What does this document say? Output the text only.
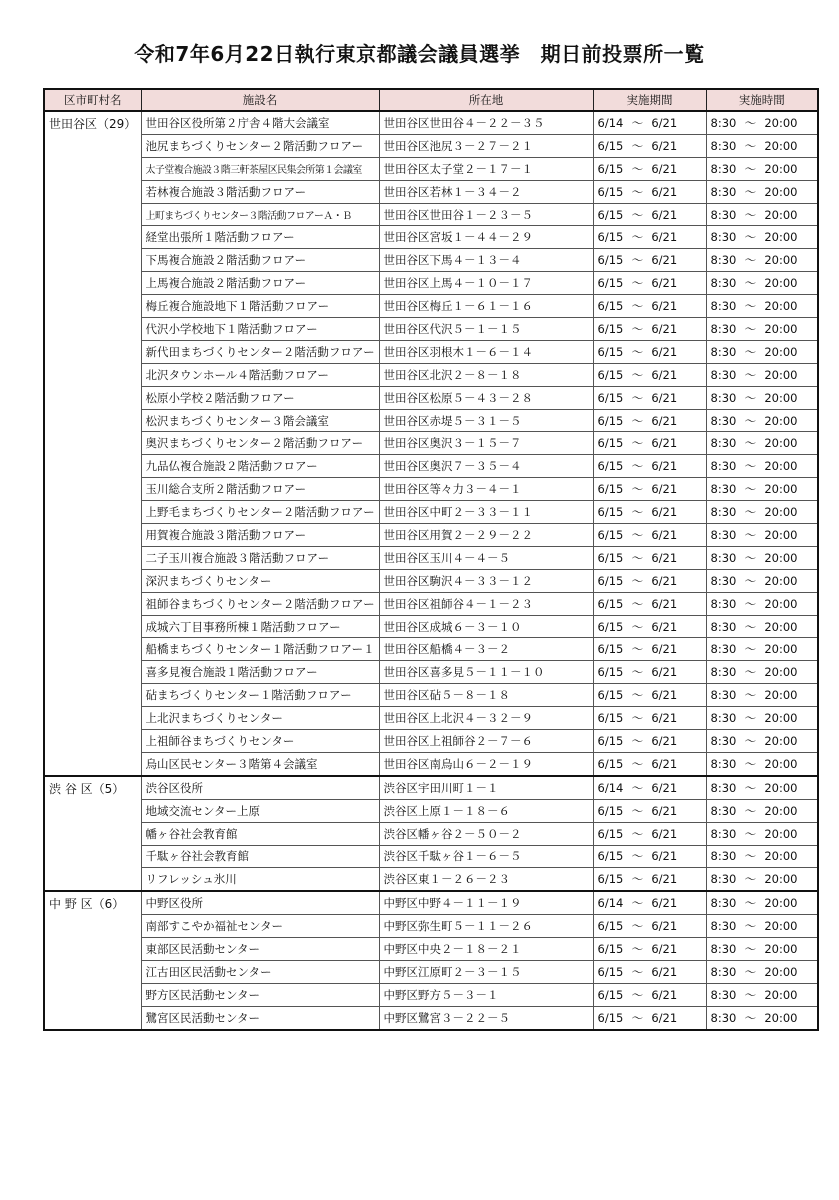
令和7年6月22日執行東京都議会議員選挙　期日前投票所一覧
区市町村名	施設名	所在地	実施期間	実施時間
世田谷区（29）	世田谷区役所第２庁舎４階大会議室	世田谷区世田谷４－２２－３５	6/14 ～ 6/21	8:30 ～ 20:00
	池尻まちづくりセンター２階活動フロアー	世田谷区池尻３－２７－２１	6/15 ～ 6/21	8:30 ～ 20:00
	太子堂複合施設３階三軒茶屋区民集会所第１会議室	世田谷区太子堂２－１７－１	6/15 ～ 6/21	8:30 ～ 20:00
	若林複合施設３階活動フロアー	世田谷区若林１－３４－２	6/15 ～ 6/21	8:30 ～ 20:00
	上町まちづくりセンター３階活動フロアーＡ・Ｂ	世田谷区世田谷１－２３－５	6/15 ～ 6/21	8:30 ～ 20:00
	経堂出張所１階活動フロアー	世田谷区宮坂１－４４－２９	6/15 ～ 6/21	8:30 ～ 20:00
	下馬複合施設２階活動フロアー	世田谷区下馬４－１３－４	6/15 ～ 6/21	8:30 ～ 20:00
	上馬複合施設２階活動フロアー	世田谷区上馬４－１０－１７	6/15 ～ 6/21	8:30 ～ 20:00
	梅丘複合施設地下１階活動フロアー	世田谷区梅丘１－６１－１６	6/15 ～ 6/21	8:30 ～ 20:00
	代沢小学校地下１階活動フロアー	世田谷区代沢５－１－１５	6/15 ～ 6/21	8:30 ～ 20:00
	新代田まちづくりセンター２階活動フロアー	世田谷区羽根木１－６－１４	6/15 ～ 6/21	8:30 ～ 20:00
	北沢タウンホール４階活動フロアー	世田谷区北沢２－８－１８	6/15 ～ 6/21	8:30 ～ 20:00
	松原小学校２階活動フロアー	世田谷区松原５－４３－２８	6/15 ～ 6/21	8:30 ～ 20:00
	松沢まちづくりセンター３階会議室	世田谷区赤堤５－３１－５	6/15 ～ 6/21	8:30 ～ 20:00
	奥沢まちづくりセンター２階活動フロアー	世田谷区奥沢３－１５－７	6/15 ～ 6/21	8:30 ～ 20:00
	九品仏複合施設２階活動フロアー	世田谷区奥沢７－３５－４	6/15 ～ 6/21	8:30 ～ 20:00
	玉川総合支所２階活動フロアー	世田谷区等々力３－４－１	6/15 ～ 6/21	8:30 ～ 20:00
	上野毛まちづくりセンター２階活動フロアー	世田谷区中町２－３３－１１	6/15 ～ 6/21	8:30 ～ 20:00
	用賀複合施設３階活動フロアー	世田谷区用賀２－２９－２２	6/15 ～ 6/21	8:30 ～ 20:00
	二子玉川複合施設３階活動フロアー	世田谷区玉川４－４－５	6/15 ～ 6/21	8:30 ～ 20:00
	深沢まちづくりセンター	世田谷区駒沢４－３３－１２	6/15 ～ 6/21	8:30 ～ 20:00
	祖師谷まちづくりセンター２階活動フロアー	世田谷区祖師谷４－１－２３	6/15 ～ 6/21	8:30 ～ 20:00
	成城六丁目事務所棟１階活動フロアー	世田谷区成城６－３－１０	6/15 ～ 6/21	8:30 ～ 20:00
	船橋まちづくりセンター１階活動フロアー１	世田谷区船橋４－３－２	6/15 ～ 6/21	8:30 ～ 20:00
	喜多見複合施設１階活動フロアー	世田谷区喜多見５－１１－１０	6/15 ～ 6/21	8:30 ～ 20:00
	砧まちづくりセンター１階活動フロアー	世田谷区砧５－８－１８	6/15 ～ 6/21	8:30 ～ 20:00
	上北沢まちづくりセンター	世田谷区上北沢４－３２－９	6/15 ～ 6/21	8:30 ～ 20:00
	上祖師谷まちづくりセンター	世田谷区上祖師谷２－７－６	6/15 ～ 6/21	8:30 ～ 20:00
	烏山区民センター３階第４会議室	世田谷区南烏山６－２－１９	6/15 ～ 6/21	8:30 ～ 20:00
渋 谷 区（5）	渋谷区役所	渋谷区宇田川町１－１	6/14 ～ 6/21	8:30 ～ 20:00
	地域交流センター上原	渋谷区上原１－１８－６	6/15 ～ 6/21	8:30 ～ 20:00
	幡ヶ谷社会教育館	渋谷区幡ヶ谷２－５０－２	6/15 ～ 6/21	8:30 ～ 20:00
	千駄ヶ谷社会教育館	渋谷区千駄ヶ谷１－６－５	6/15 ～ 6/21	8:30 ～ 20:00
	リフレッシュ氷川	渋谷区東１－２６－２３	6/15 ～ 6/21	8:30 ～ 20:00
中 野 区（6）	中野区役所	中野区中野４－１１－１９	6/14 ～ 6/21	8:30 ～ 20:00
	南部すこやか福祉センター	中野区弥生町５－１１－２６	6/15 ～ 6/21	8:30 ～ 20:00
	東部区民活動センター	中野区中央２－１８－２１	6/15 ～ 6/21	8:30 ～ 20:00
	江古田区民活動センター	中野区江原町２－３－１５	6/15 ～ 6/21	8:30 ～ 20:00
	野方区民活動センター	中野区野方５－３－１	6/15 ～ 6/21	8:30 ～ 20:00
	鷺宮区民活動センター	中野区鷺宮３－２２－５	6/15 ～ 6/21	8:30 ～ 20:00
